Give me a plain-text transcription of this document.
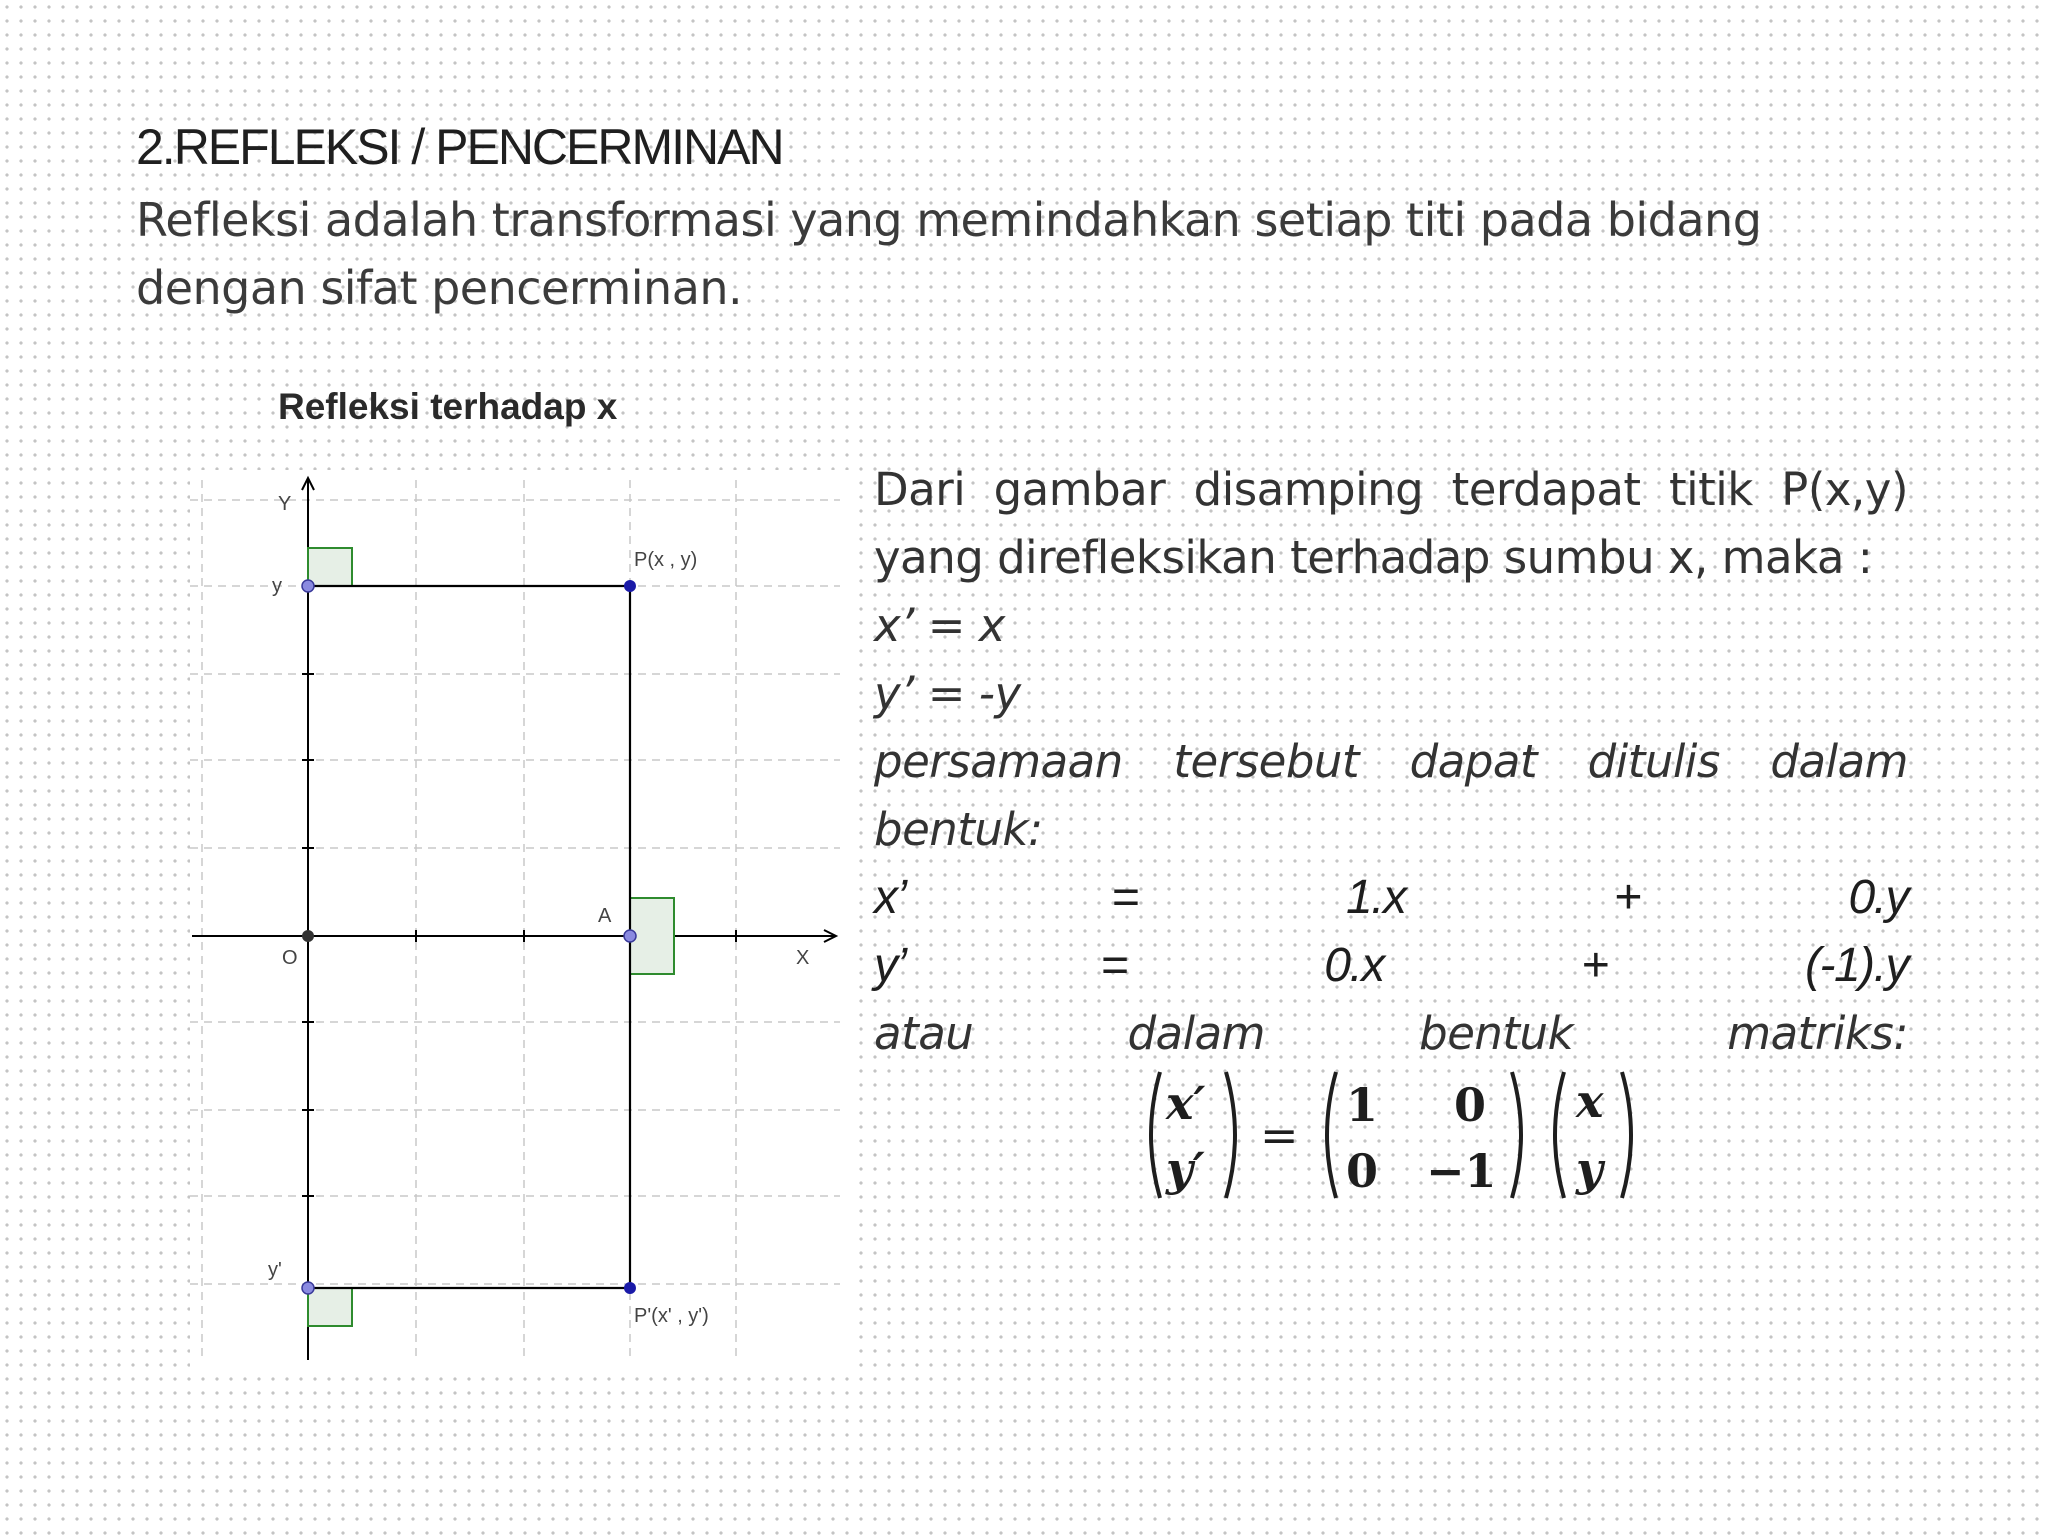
2.REFLEKSI / PENCERMINAN

Refleksi adalah transformasi yang memindahkan setiap titi pada bidang dengan sifat pencerminan.

Refleksi terhadap x
Y
X
O
y
y'
P(x , y)
P'(x' , y')
A

Dari gambar disamping terdapat titik P(x,y)

yang direfleksikan terhadap sumbu x, maka :

x’ = x

y’ = -y

persamaan tersebut dapat ditulis dalam

bentuk:

x’ = 1.x + 0.y

y’ = 0.x + (-1).y

atau dalam bentuk matriks:

x′
y′
=
1 0
0 −1
x
y
